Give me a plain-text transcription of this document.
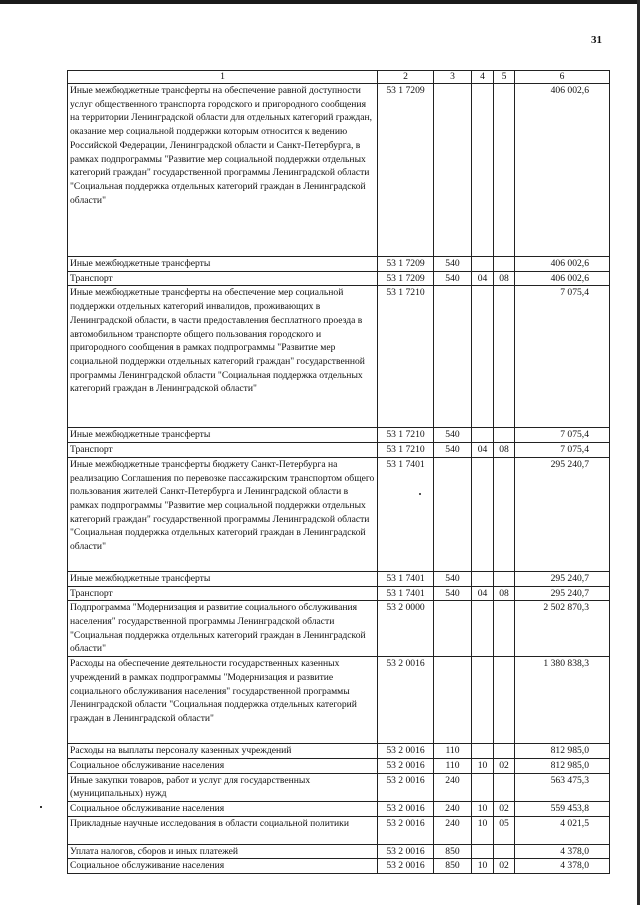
31
1	2	3	4	5	6
Иные межбюджетные трансферты на обеспечение равной доступности услуг общественного транспорта городского и пригородного сообщения на территории Ленинградской области для отдельных категорий граждан, оказание мер социальной поддержки которым относится к ведению Российской Федерации, Ленинградской области и Санкт-Петербурга, в рамках подпрограммы "Развитие мер социальной поддержки отдельных категорий граждан" государственной программы Ленинградской области "Социальная поддержка отдельных категорий граждан в Ленинградской области"	53 1 7209				406 002,6
Иные межбюджетные трансферты	53 1 7209	540			406 002,6
Транспорт	53 1 7209	540	04	08	406 002,6
Иные межбюджетные трансферты на обеспечение мер социальной поддержки отдельных категорий инвалидов, проживающих в Ленинградской области, в части предоставления бесплатного проезда в автомобильном транспорте общего пользования городского и пригородного сообщения в рамках подпрограммы "Развитие мер социальной поддержки отдельных категорий граждан" государственной программы Ленинградской области "Социальная поддержка отдельных категорий граждан в Ленинградской области"	53 1 7210				7 075,4
Иные межбюджетные трансферты	53 1 7210	540			7 075,4
Транспорт	53 1 7210	540	04	08	7 075,4
Иные межбюджетные трансферты бюджету Санкт-Петербурга на реализацию Соглашения по перевозке пассажирским транспортом общего пользования жителей Санкт-Петербурга и Ленинградской области в рамках подпрограммы "Развитие мер социальной поддержки отдельных категорий граждан" государственной программы Ленинградской области "Социальная поддержка отдельных категорий граждан в Ленинградской области"	53 1 7401				295 240,7
Иные межбюджетные трансферты	53 1 7401	540			295 240,7
Транспорт	53 1 7401	540	04	08	295 240,7
Подпрограмма "Модернизация и развитие социального обслуживания населения" государственной программы Ленинградской области "Социальная поддержка отдельных категорий граждан в Ленинградской области"	53 2 0000				2 502 870,3
Расходы на обеспечение деятельности государственных казенных учреждений в рамках подпрограммы "Модернизация и развитие социального обслуживания населения" государственной программы Ленинградской области "Социальная поддержка отдельных категорий граждан в Ленинградской области"	53 2 0016				1 380 838,3
Расходы на выплаты персоналу казенных учреждений	53 2 0016	110			812 985,0
Социальное обслуживание населения	53 2 0016	110	10	02	812 985,0
Иные закупки товаров, работ и услуг для государственных (муниципальных) нужд	53 2 0016	240			563 475,3
Социальное обслуживание населения	53 2 0016	240	10	02	559 453,8
Прикладные научные исследования в области социальной политики	53 2 0016	240	10	05	4 021,5
Уплата налогов, сборов и иных платежей	53 2 0016	850			4 378,0
Социальное обслуживание населения	53 2 0016	850	10	02	4 378,0
